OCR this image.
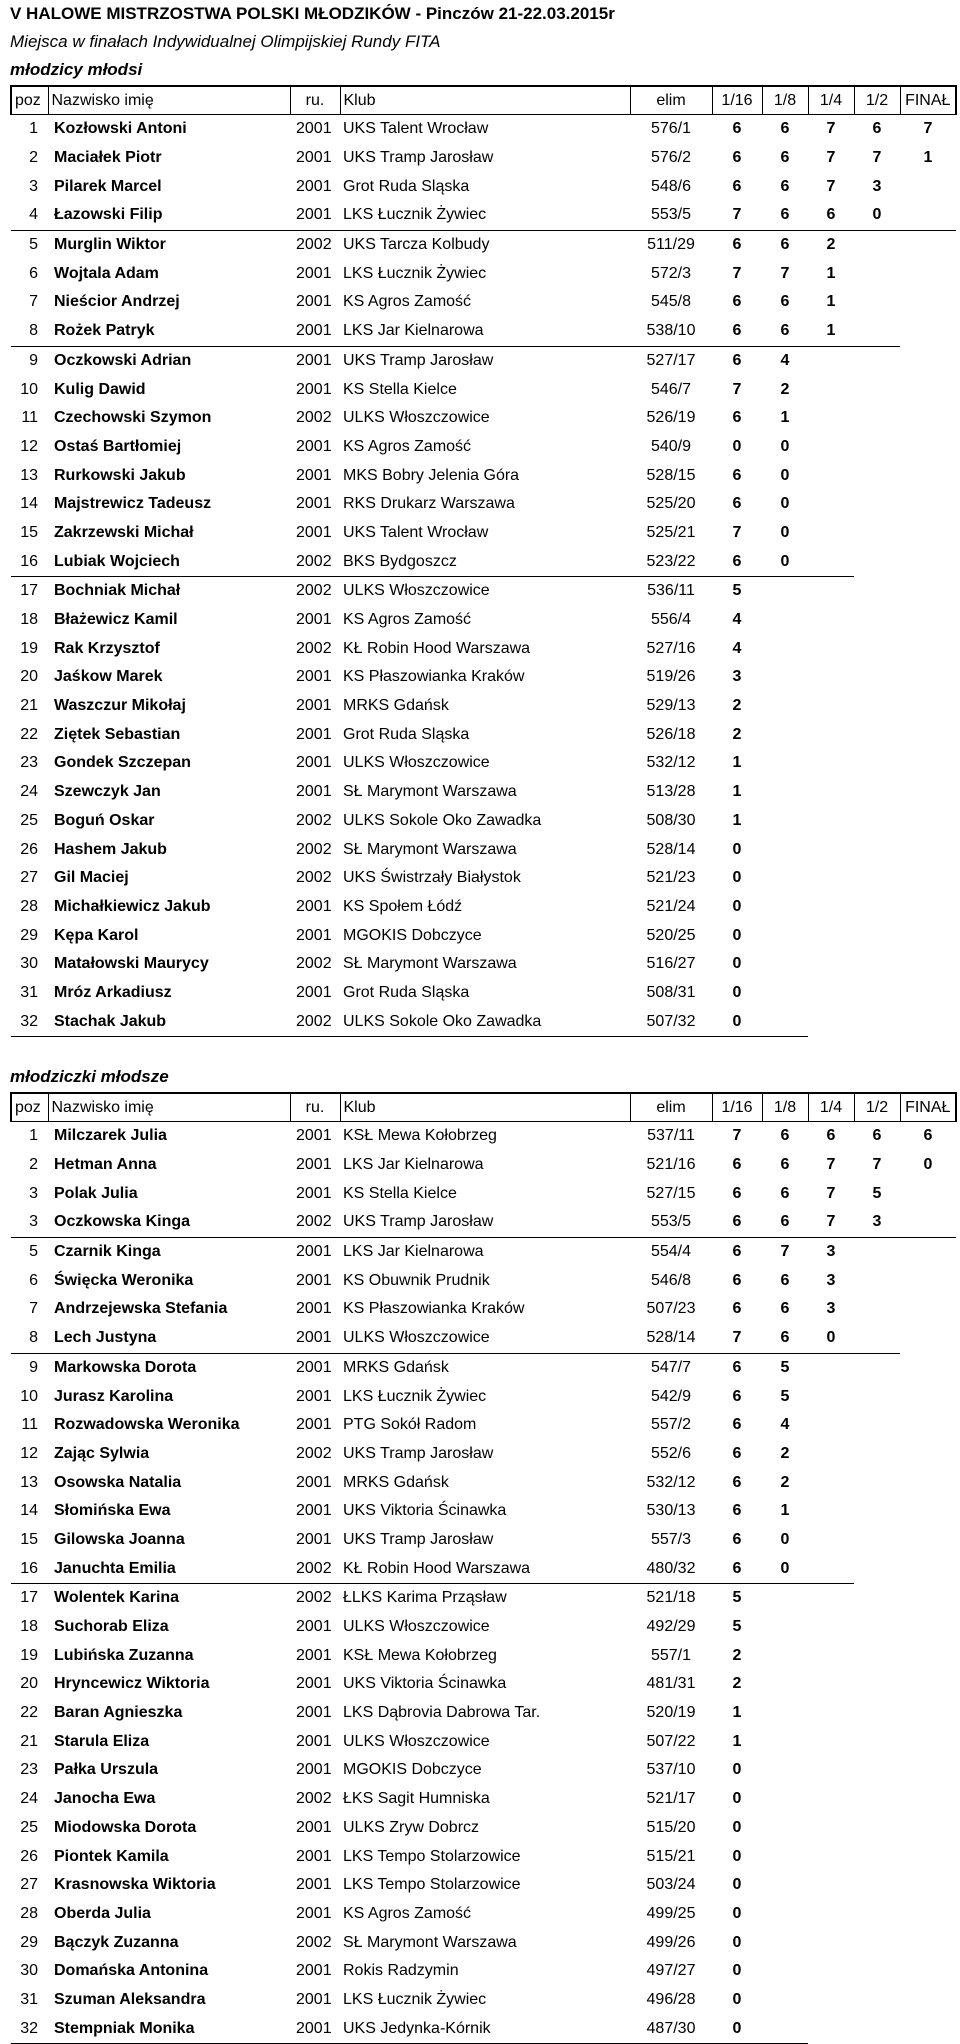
V HALOWE MISTRZOSTWA POLSKI MŁODZIKÓW - Pinczów 21-22.03.2015r
Miejsca w finałach Indywidualnej Olimpijskiej Rundy FITA
młodzicy młodsi
poz	Nazwisko imię	ru.	Klub	elim	1/16	1/8	1/4	1/2	FINAŁ
1	Kozłowski Antoni	2001	UKS Talent Wrocław	576/1	6	6	7	6	7
2	Maciałek Piotr	2001	UKS Tramp Jarosław	576/2	6	6	7	7	1
3	Pilarek Marcel	2001	Grot Ruda Sląska	548/6	6	6	7	3	
4	Łazowski Filip	2001	LKS Łucznik Żywiec	553/5	7	6	6	0	
5	Murglin Wiktor	2002	UKS Tarcza Kolbudy	511/29	6	6	2		
6	Wojtala Adam	2001	LKS Łucznik Żywiec	572/3	7	7	1		
7	Nieścior Andrzej	2001	KS Agros Zamość	545/8	6	6	1		
8	Rożek Patryk	2001	LKS Jar Kielnarowa	538/10	6	6	1		
9	Oczkowski Adrian	2001	UKS Tramp Jarosław	527/17	6	4			
10	Kulig Dawid	2001	KS Stella Kielce	546/7	7	2			
11	Czechowski Szymon	2002	ULKS Włoszczowice	526/19	6	1			
12	Ostaś Bartłomiej	2001	KS Agros Zamość	540/9	0	0			
13	Rurkowski Jakub	2001	MKS Bobry Jelenia Góra	528/15	6	0			
14	Majstrewicz Tadeusz	2001	RKS Drukarz Warszawa	525/20	6	0			
15	Zakrzewski Michał	2001	UKS Talent Wrocław	525/21	7	0			
16	Lubiak Wojciech	2002	BKS Bydgoszcz	523/22	6	0			
17	Bochniak Michał	2002	ULKS Włoszczowice	536/11	5				
18	Błażewicz Kamil	2001	KS Agros Zamość	556/4	4				
19	Rak Krzysztof	2002	KŁ Robin Hood Warszawa	527/16	4				
20	Jaśkow Marek	2001	KS Płaszowianka Kraków	519/26	3				
21	Waszczur Mikołaj	2001	MRKS Gdańsk	529/13	2				
22	Ziętek Sebastian	2001	Grot Ruda Sląska	526/18	2				
23	Gondek Szczepan	2001	ULKS Włoszczowice	532/12	1				
24	Szewczyk Jan	2001	SŁ Marymont Warszawa	513/28	1				
25	Boguń Oskar	2002	ULKS Sokole Oko Zawadka	508/30	1				
26	Hashem Jakub	2002	SŁ Marymont Warszawa	528/14	0				
27	Gil Maciej	2002	UKS Świstrzały Białystok	521/23	0				
28	Michałkiewicz Jakub	2001	KS Społem Łódź	521/24	0				
29	Kępa Karol	2001	MGOKIS Dobczyce	520/25	0				
30	Matałowski Maurycy	2002	SŁ Marymont Warszawa	516/27	0				
31	Mróz Arkadiusz	2001	Grot Ruda Sląska	508/31	0				
32	Stachak Jakub	2002	ULKS Sokole Oko Zawadka	507/32	0				
młodziczki młodsze
poz	Nazwisko imię	ru.	Klub	elim	1/16	1/8	1/4	1/2	FINAŁ
1	Milczarek Julia	2001	KSŁ Mewa Kołobrzeg	537/11	7	6	6	6	6
2	Hetman Anna	2001	LKS Jar Kielnarowa	521/16	6	6	7	7	0
3	Polak Julia	2001	KS Stella Kielce	527/15	6	6	7	5	
3	Oczkowska Kinga	2002	UKS Tramp Jarosław	553/5	6	6	7	3	
5	Czarnik Kinga	2001	LKS Jar Kielnarowa	554/4	6	7	3		
6	Święcka Weronika	2001	KS Obuwnik Prudnik	546/8	6	6	3		
7	Andrzejewska Stefania	2001	KS Płaszowianka Kraków	507/23	6	6	3		
8	Lech Justyna	2001	ULKS Włoszczowice	528/14	7	6	0		
9	Markowska Dorota	2001	MRKS Gdańsk	547/7	6	5			
10	Jurasz Karolina	2001	LKS Łucznik Żywiec	542/9	6	5			
11	Rozwadowska Weronika	2001	PTG Sokół Radom	557/2	6	4			
12	Zając Sylwia	2002	UKS Tramp Jarosław	552/6	6	2			
13	Osowska Natalia	2001	MRKS Gdańsk	532/12	6	2			
14	Słomińska Ewa	2001	UKS Viktoria Ścinawka	530/13	6	1			
15	Gilowska Joanna	2001	UKS Tramp Jarosław	557/3	6	0			
16	Januchta Emilia	2002	KŁ Robin Hood Warszawa	480/32	6	0			
17	Wolentek Karina	2002	ŁLKS Karima Prząsław	521/18	5				
18	Suchorab Eliza	2001	ULKS Włoszczowice	492/29	5				
19	Lubińska Zuzanna	2001	KSŁ Mewa Kołobrzeg	557/1	2				
20	Hryncewicz Wiktoria	2001	UKS Viktoria Ścinawka	481/31	2				
22	Baran Agnieszka	2001	LKS Dąbrovia Dabrowa Tar.	520/19	1				
21	Starula Eliza	2001	ULKS Włoszczowice	507/22	1				
23	Pałka Urszula	2001	MGOKIS Dobczyce	537/10	0				
24	Janocha Ewa	2002	ŁKS Sagit Humniska	521/17	0				
25	Miodowska Dorota	2001	ULKS Zryw Dobrcz	515/20	0				
26	Piontek Kamila	2001	LKS Tempo Stolarzowice	515/21	0				
27	Krasnowska Wiktoria	2001	LKS Tempo Stolarzowice	503/24	0				
28	Oberda Julia	2001	KS Agros Zamość	499/25	0				
29	Bączyk Zuzanna	2002	SŁ Marymont Warszawa	499/26	0				
30	Domańska Antonina	2001	Rokis Radzymin	497/27	0				
31	Szuman Aleksandra	2001	LKS Łucznik Żywiec	496/28	0				
32	Stempniak Monika	2001	UKS Jedynka-Kórnik	487/30	0				
